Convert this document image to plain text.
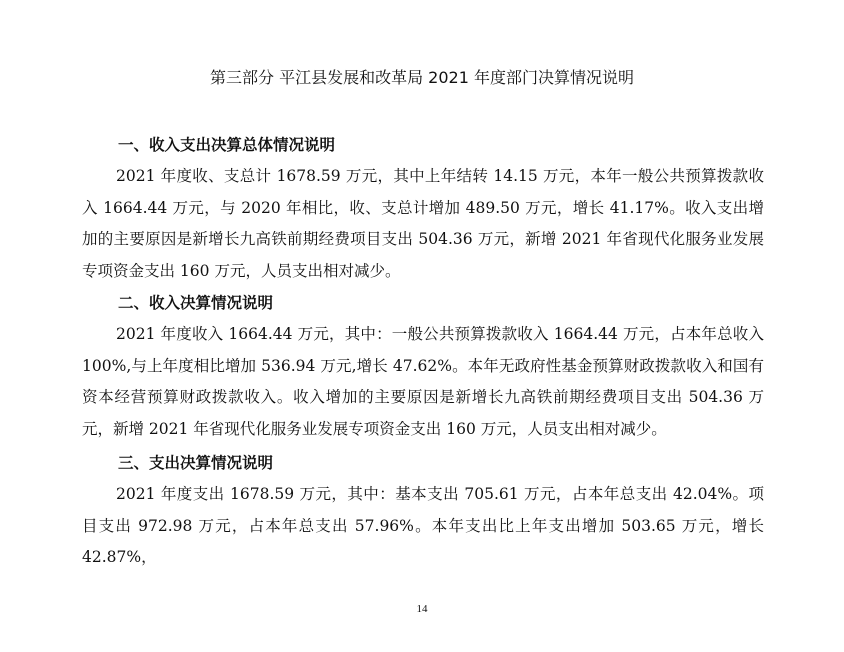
第三部分 平江县发展和改革局 2021 年度部门决算情况说明
一、收入支出决算总体情况说明
2021 年度收、支总计 1678.59 万元，其中上年结转 14.15 万元，本年一般公共预算拨款收入 1664.44 万元，与 2020 年相比，收、支总计增加 489.50 万元，增长 41.17%。收入支出增加的主要原因是新增长九高铁前期经费项目支出 504.36 万元，新增 2021 年省现代化服务业发展专项资金支出 160 万元，人员支出相对减少。
二、收入决算情况说明
2021 年度收入 1664.44 万元，其中：一般公共预算拨款收入 1664.44 万元，占本年总收入 100%,与上年度相比增加 536.94 万元,增长 47.62%。本年无政府性基金预算财政拨款收入和国有资本经营预算财政拨款收入。收入增加的主要原因是新增长九高铁前期经费项目支出 504.36 万元，新增 2021 年省现代化服务业发展专项资金支出 160 万元，人员支出相对减少。
三、支出决算情况说明
2021 年度支出 1678.59 万元，其中：基本支出 705.61 万元，占本年总支出 42.04%。项目支出 972.98 万元，占本年总支出 57.96%。本年支出比上年支出增加 503.65 万元，增长 42.87%，
14
